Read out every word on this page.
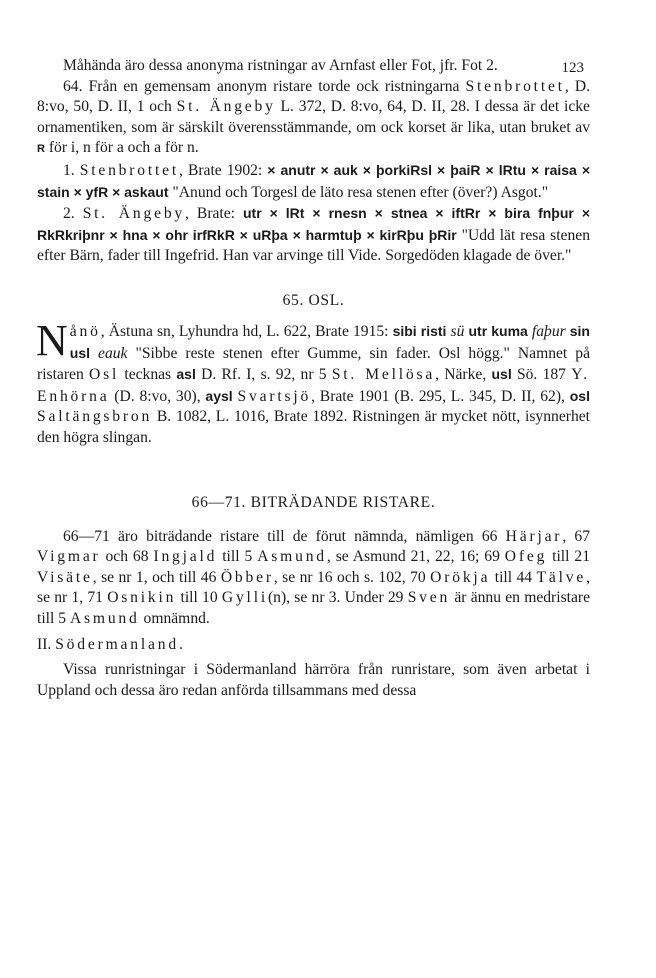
123

Måhända äro dessa anonyma ristningar av Arnfast eller Fot, jfr. Fot 2.

64. Från en gemensam anonym ristare torde ock ristningarna Stenbrottet, D. 8:vo, 50, D. II, 1 och St. Ängeby L. 372, D. 8:vo, 64, D. II, 28. I dessa är det icke ornamentiken, som är särskilt överensstämmande, om ock korset är lika, utan bruket av R för i, n för a och a för n.

1. Stenbrottet, Brate 1902: × anutr × auk × þorkiRsl × þaiR × lRtu × raisa × stain × yfR × askaut "Anund och Torgesl de läto resa stenen efter (över?) Asgot."

2. St. Ängeby, Brate: utr × lRt × rnesn × stnea × iftRr × bira fnþur × RkRkriþnr × hna × ohr irfRkR × uRþa × harmtuþ × kirRþu þRir "Udd lät resa stenen efter Bärn, fader till Ingefrid. Han var arvinge till Vide. Sorgedöden klagade de över."

65. OSL.

Nånö, Ästuna sn, Lyhundra hd, L. 622, Brate 1915: sibi risti sü utr kuma faþur sin usl eauk "Sibbe reste stenen efter Gumme, sin fader. Osl högg." Namnet på ristaren Osl tecknas asl D. Rf. I, s. 92, nr 5 St. Mellösa, Närke, usl Sö. 187 Y. Enhörna (D. 8:vo, 30), aysl Svartsjö, Brate 1901 (B. 295, L. 345, D. II, 62), osl Saltängsbron B. 1082, L. 1016, Brate 1892. Ristningen är mycket nött, isynnerhet den högra slingan.

66—71. BITRÄDANDE RISTARE.

66—71 äro biträdande ristare till de förut nämnda, nämligen 66 Härjar, 67 Vigmar och 68 Ingjald till 5 Asmund, se Asmund 21, 22, 16; 69 Ofeg till 21 Visäte, se nr 1, och till 46 Öbber, se nr 16 och s. 102, 70 Orökja till 44 Tälve, se nr 1, 71 Osnikin till 10 Gylli(n), se nr 3. Under 29 Sven är ännu en medristare till 5 Asmund omnämnd.

II. Södermanland.

Vissa runristningar i Södermanland härröra från runristare, som även arbetat i Uppland och dessa äro redan anförda tillsammans med dessa
